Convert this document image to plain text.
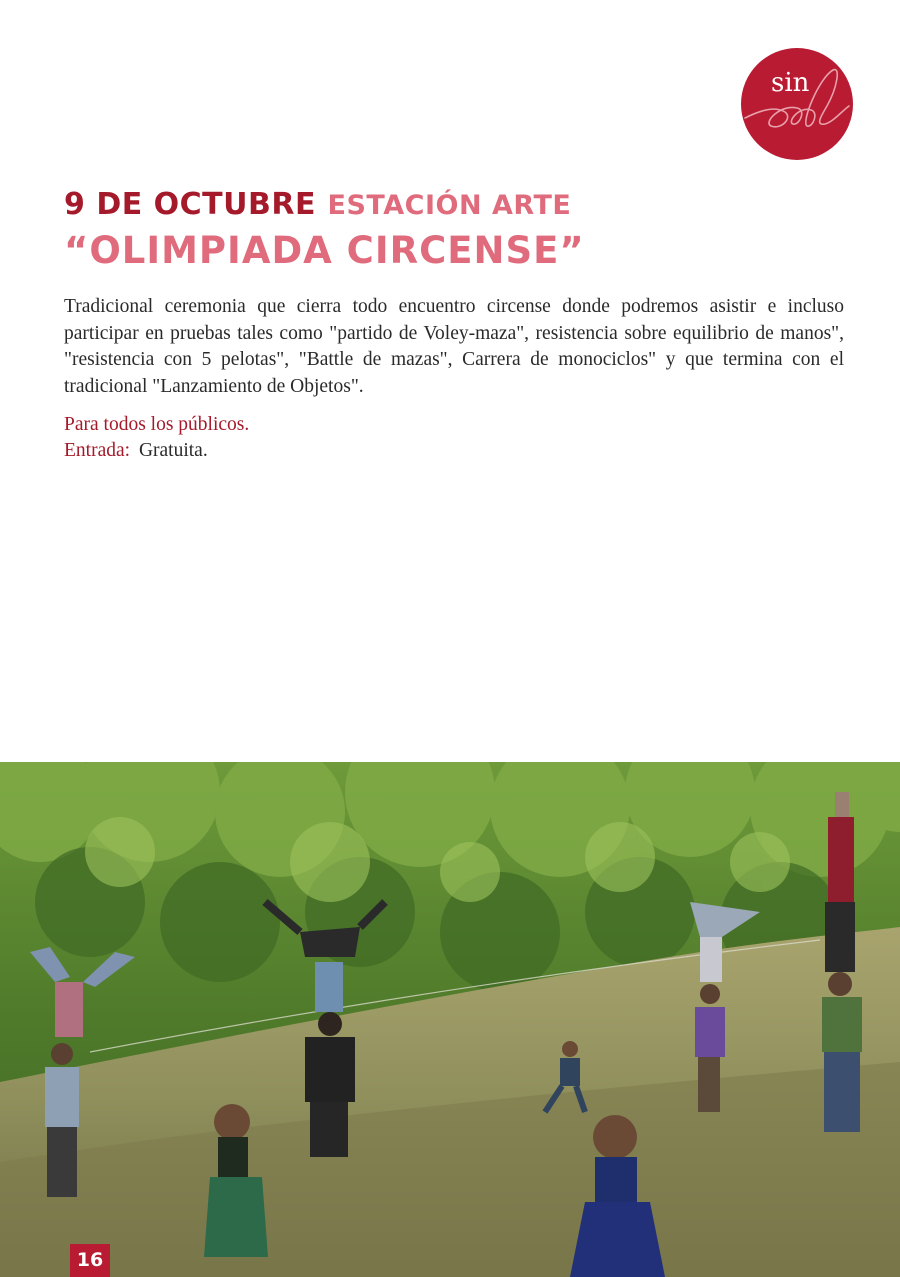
sin
9 DE OCTUBRE ESTACIÓN ARTE
“OLIMPIADA CIRCENSE”

Tradicional ceremonia que cierra todo encuentro circense donde podremos asistir e incluso participar en pruebas tales como "partido de Voley-maza", resistencia sobre equilibrio de manos", "resistencia con 5 pelotas", "Battle de mazas", Carrera de monociclos" y que termina con el tradicional "Lanzamiento de Objetos".

Para todos los públicos.
Entrada: Gratuita.
16
